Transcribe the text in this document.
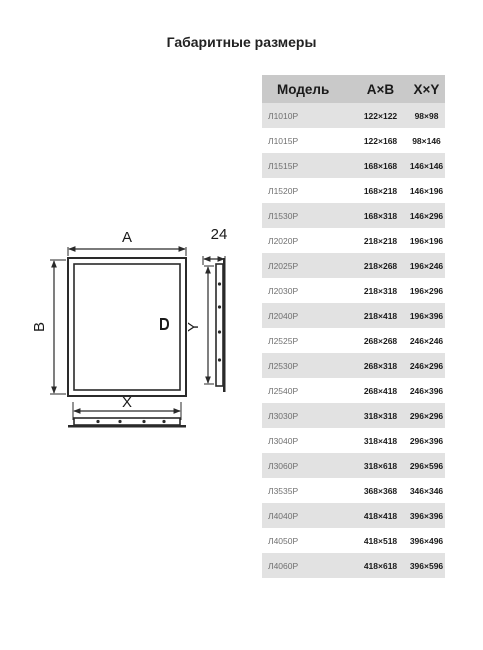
Габаритные размеры
A
B
24
Y
X
Модель	A×B	X×Y
Л1010Р	122×122	98×98
Л1015Р	122×168	98×146
Л1515Р	168×168	146×146
Л1520Р	168×218	146×196
Л1530Р	168×318	146×296
Л2020Р	218×218	196×196
Л2025Р	218×268	196×246
Л2030Р	218×318	196×296
Л2040Р	218×418	196×396
Л2525Р	268×268	246×246
Л2530Р	268×318	246×296
Л2540Р	268×418	246×396
Л3030Р	318×318	296×296
Л3040Р	318×418	296×396
Л3060Р	318×618	296×596
Л3535Р	368×368	346×346
Л4040Р	418×418	396×396
Л4050Р	418×518	396×496
Л4060Р	418×618	396×596
